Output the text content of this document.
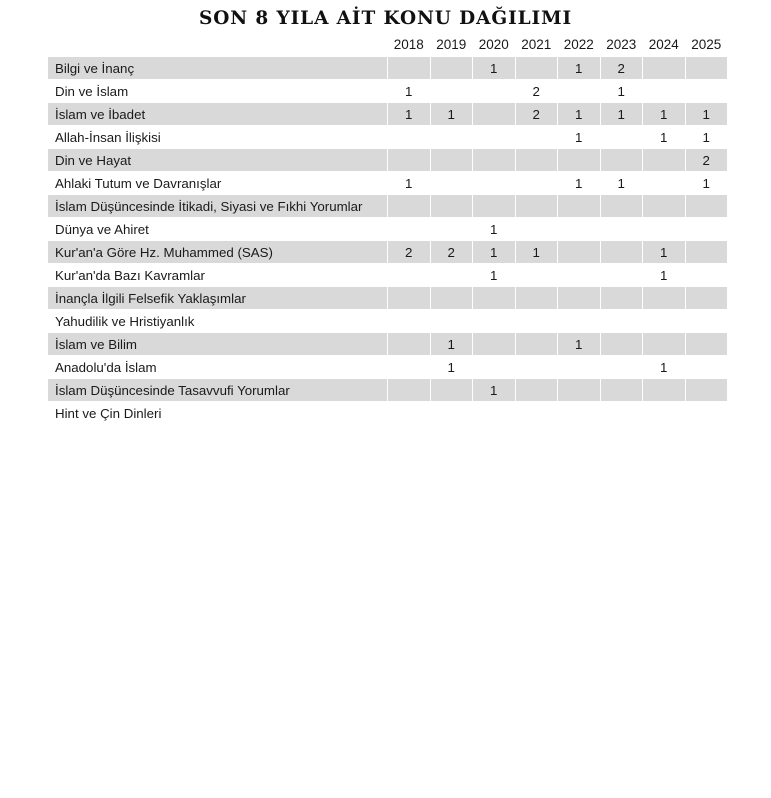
SON 8 YILA AİT KONU DAĞILIMI
	2018	2019	2020	2021	2022	2023	2024	2025
Bilgi ve İnanç			1		1	2		
Din ve İslam	1			2		1		
İslam ve İbadet	1	1		2	1	1	1	1
Allah-İnsan İlişkisi					1		1	1
Din ve Hayat								2
Ahlaki Tutum ve Davranışlar	1				1	1		1
İslam Düşüncesinde İtikadi, Siyasi ve Fıkhi Yorumlar								
Dünya ve Ahiret			1					
Kur'an'a Göre Hz. Muhammed (SAS)	2	2	1	1			1	
Kur'an'da Bazı Kavramlar			1				1	
İnançla İlgili Felsefik Yaklaşımlar								
Yahudilik ve Hristiyanlık								
İslam ve Bilim		1			1			
Anadolu'da İslam		1					1	
İslam Düşüncesinde Tasavvufi Yorumlar			1					
Hint ve Çin Dinleri								
